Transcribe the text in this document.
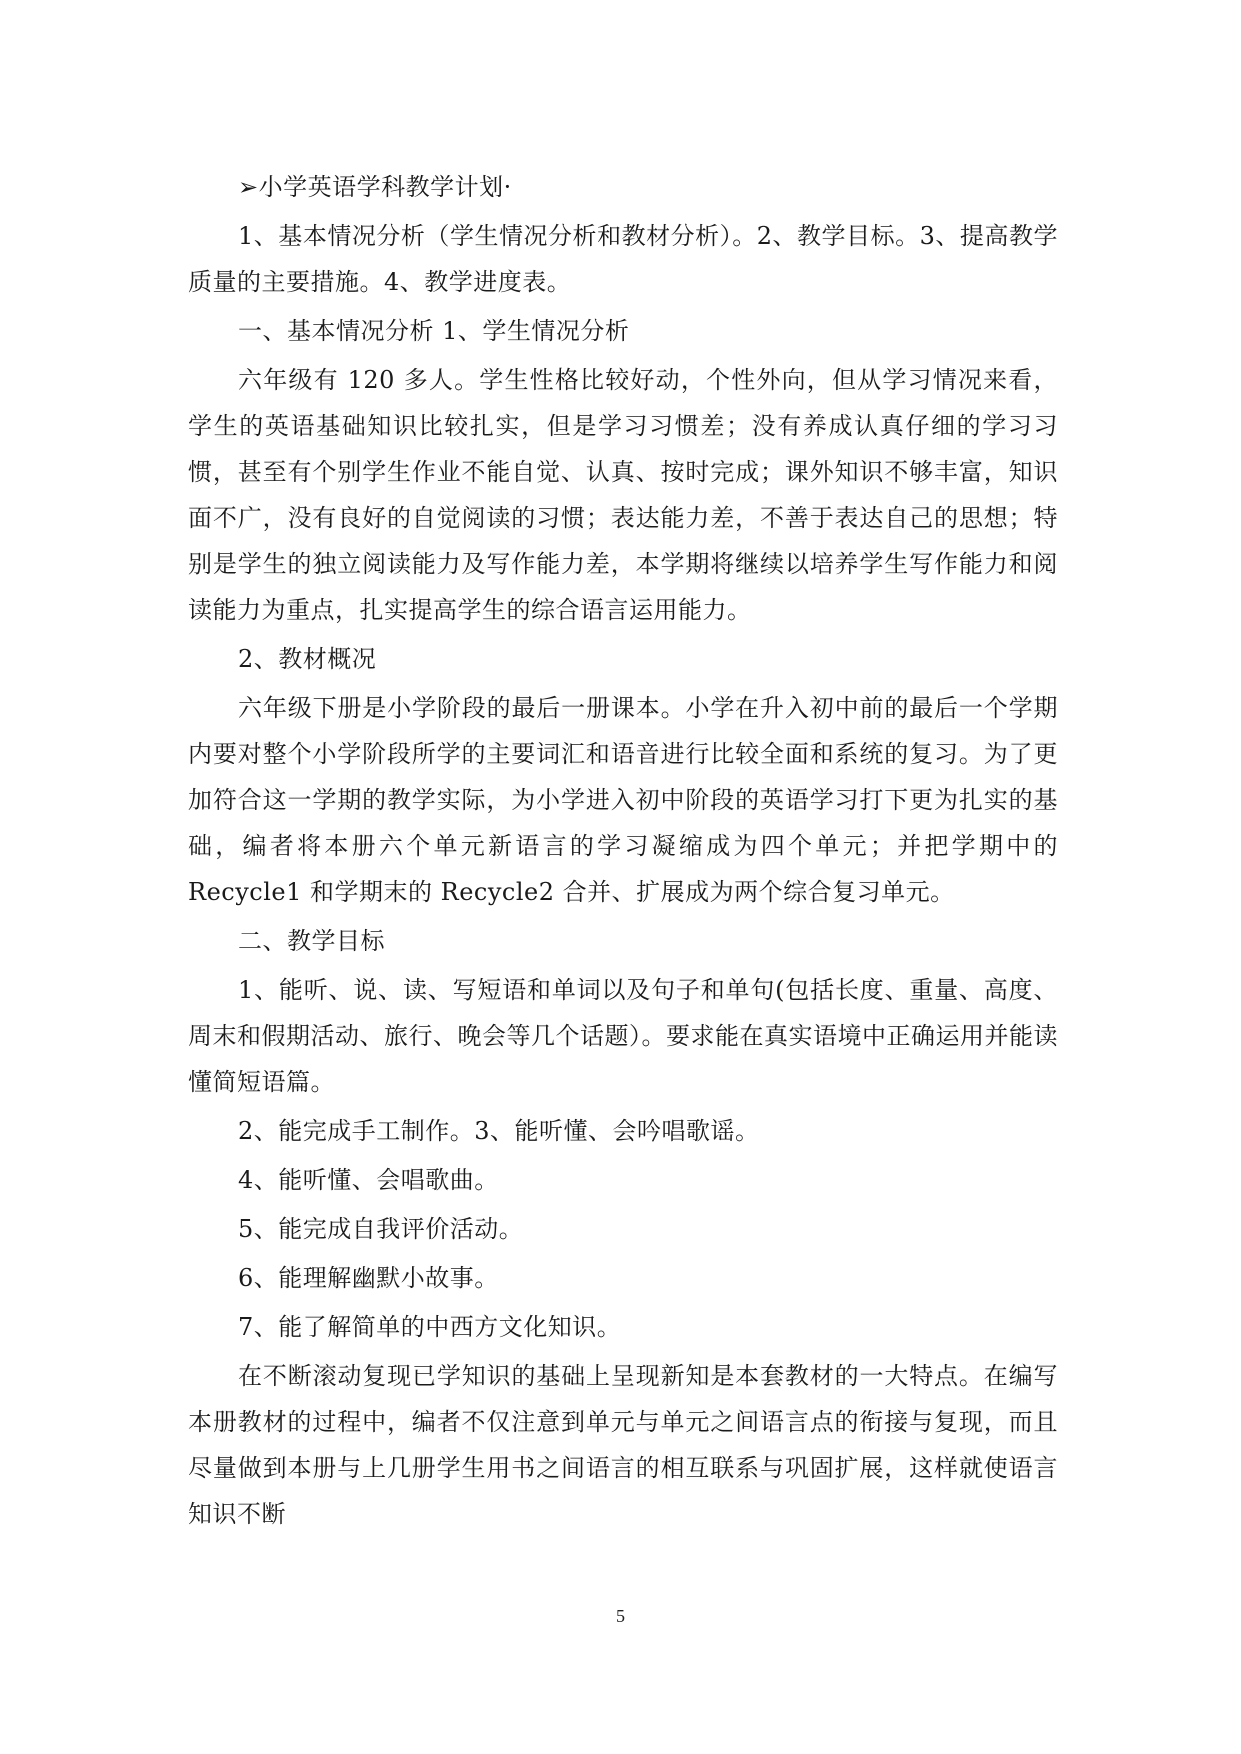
➢小学英语学科教学计划·

1、基本情况分析（学生情况分析和教材分析）。2、教学目标。3、提高教学质量的主要措施。4、教学进度表。

一、基本情况分析 1、学生情况分析

六年级有 120 多人。学生性格比较好动，个性外向，但从学习情况来看，学生的英语基础知识比较扎实，但是学习习惯差；没有养成认真仔细的学习习惯，甚至有个别学生作业不能自觉、认真、按时完成；课外知识不够丰富，知识面不广，没有良好的自觉阅读的习惯；表达能力差，不善于表达自己的思想；特别是学生的独立阅读能力及写作能力差，本学期将继续以培养学生写作能力和阅读能力为重点，扎实提高学生的综合语言运用能力。

2、教材概况

六年级下册是小学阶段的最后一册课本。小学在升入初中前的最后一个学期内要对整个小学阶段所学的主要词汇和语音进行比较全面和系统的复习。为了更加符合这一学期的教学实际，为小学进入初中阶段的英语学习打下更为扎实的基础，编者将本册六个单元新语言的学习凝缩成为四个单元；并把学期中的 Recycle1 和学期末的 Recycle2 合并、扩展成为两个综合复习单元。

二、教学目标

1、能听、说、读、写短语和单词以及句子和单句(包括长度、重量、高度、周末和假期活动、旅行、晚会等几个话题）。要求能在真实语境中正确运用并能读懂简短语篇。

2、能完成手工制作。3、能听懂、会吟唱歌谣。

4、能听懂、会唱歌曲。

5、能完成自我评价活动。

6、能理解幽默小故事。

7、能了解简单的中西方文化知识。

在不断滚动复现已学知识的基础上呈现新知是本套教材的一大特点。在编写本册教材的过程中，编者不仅注意到单元与单元之间语言点的衔接与复现，而且尽量做到本册与上几册学生用书之间语言的相互联系与巩固扩展，这样就使语言知识不断

5
